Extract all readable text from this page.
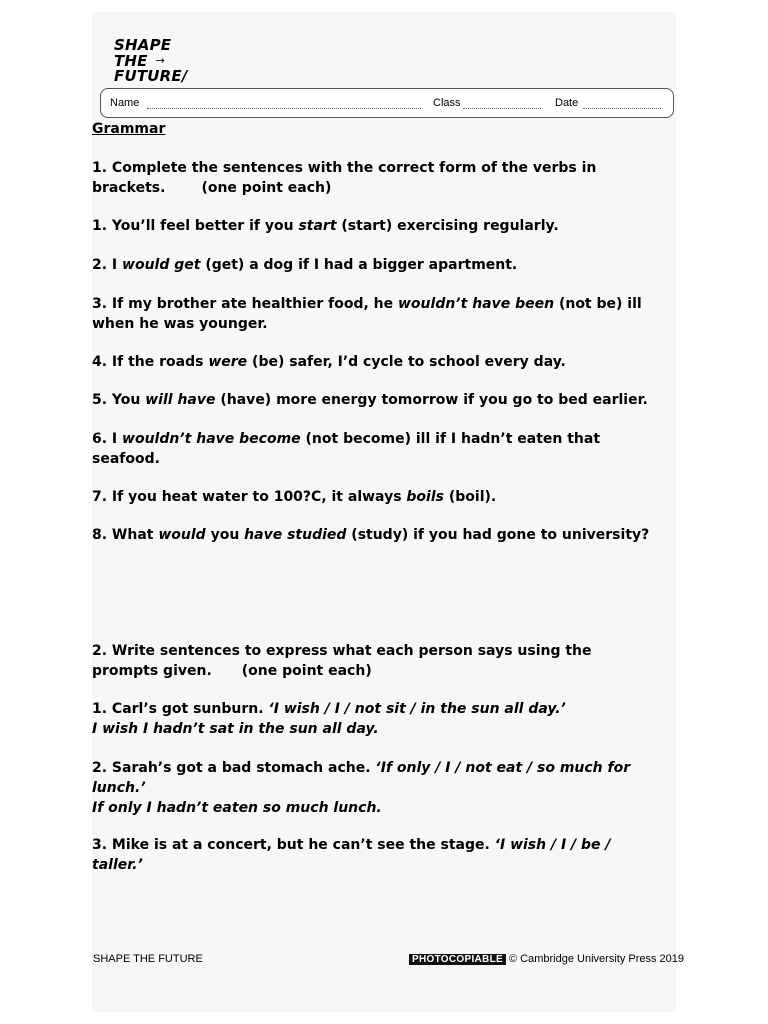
SHAPE
THE →
FUTURE/
Name	Class	Date
Grammar
1. Complete the sentences with the correct form of the verbs in
brackets.	(one point each)
1. You’ll feel better if you start (start) exercising regularly.
2. I would get (get) a dog if I had a bigger apartment.
3. If my brother ate healthier food, he wouldn’t have been (not be) ill
when he was younger.
4. If the roads were (be) safer, I’d cycle to school every day.
5. You will have (have) more energy tomorrow if you go to bed earlier.
6. I wouldn’t have become (not become) ill if I hadn’t eaten that
seafood.
7. If you heat water to 100?C, it always boils (boil).
8. What would you have studied (study) if you had gone to university?
2. Write sentences to express what each person says using the
prompts given. (one point each)
1. Carl’s got sunburn. ‘I wish / I / not sit / in the sun all day.’
I wish I hadn’t sat in the sun all day.
2. Sarah’s got a bad stomach ache. ‘If only / I / not eat / so much for
lunch.’
If only I hadn’t eaten so much lunch.
3. Mike is at a concert, but he can’t see the stage. ‘I wish / I / be /
taller.’
SHAPE THE FUTURE	PHOTOCOPIABLE © Cambridge University Press 2019
